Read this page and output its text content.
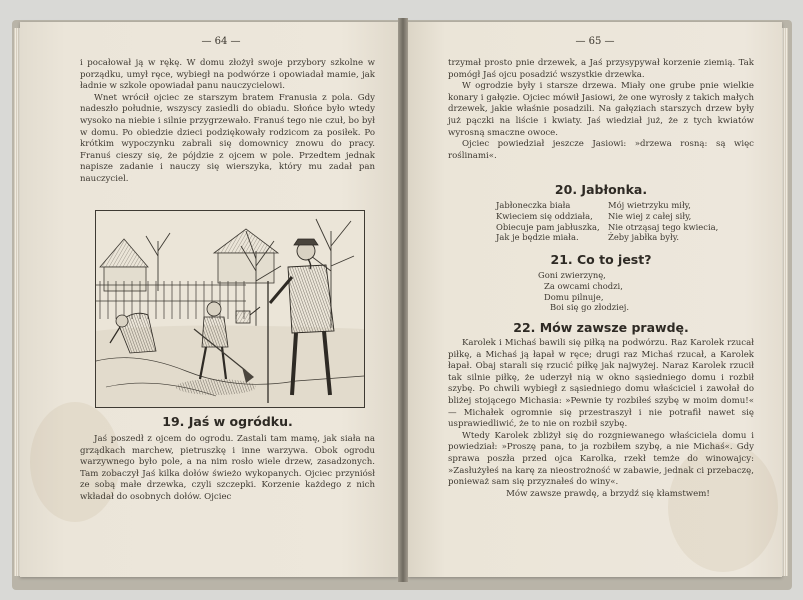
— 64 —

i pocałował ją w rękę. W domu złożył swoje przybory szkolne w porządku, umył ręce, wybiegł na podwórze i opowiadał mamie, jak ładnie w szkole opowiadał panu nauczycielowi.

Wnet wrócił ojciec ze starszym bratem Franusia z pola. Gdy nadeszło południe, wszyscy zasiedli do obiadu. Słońce było wtedy wysoko na niebie i silnie przygrzewało. Franuś tego nie czuł, bo był w domu. Po obiedzie dzieci podziękowały rodzicom za posiłek. Po krótkim wypoczynku zabrali się domownicy znowu do pracy. Franuś cieszy się, że pójdzie z ojcem w pole. Przedtem jednak napisze zadanie i nauczy się wierszyka, który mu zadał pan nauczyciel.

19. Jaś w ogródku.
Jaś poszedł z ojcem do ogrodu. Zastali tam mamę, jak siała na grządkach marchew, pietruszkę i inne warzywa. Obok ogrodu warzywnego było pole, a na nim rosło wiele drzew, zasadzonych. Tam zobaczył Jaś kilka dołów świeżo wykopanych. Ojciec przyniósł ze sobą małe drzewka, czyli szczepki. Korzenie każdego z nich wkładał do osobnych dołów. Ojciec
— 65 —

trzymał prosto pnie drzewek, a Jaś przysypywał korzenie ziemią. Tak pomógł Jaś ojcu posadzić wszystkie drzewka.

W ogrodzie były i starsze drzewa. Miały one grube pnie wielkie konary i gałęzie. Ojciec mówił Jasiowi, że one wyrosły z takich małych drzewek, jakie właśnie posadzili. Na gałęziach starszych drzew były już pączki na liście i kwiaty. Jaś wiedział już, że z tych kwiatów wyrosną smaczne owoce.

Ojciec powiedział jeszcze Jasiowi: »drzewa rosną: są więc roślinami«.

20. Jabłonka.
Jabłoneczka biała
Kwieciem się oddziała,
Obiecuje pam jabłuszka,
Jak je będzie miała.
Mój wietrzyku miły,
Nie wiej z całej siły,
Nie otrząsaj tego kwiecia,
Żeby jabłka były.
21. Co to jest?
Goni zwierzynę,
Za owcami chodzi,
Domu pilnuje,
Boi się go złodziej.
22. Mów zawsze prawdę.

Karolek i Michaś bawili się piłką na podwórzu. Raz Karolek rzucał piłkę, a Michaś ją łapał w ręce; drugi raz Michaś rzucał, a Karolek łapał. Obaj starali się rzucić piłkę jak najwyżej. Naraz Karolek rzucił tak silnie piłkę, że uderzył nią w okno sąsiedniego domu i rozbił szybę. Po chwili wybiegł z sąsiedniego domu właściciel i zawołał do bliżej stojącego Michasia: »Pewnie ty rozbiłeś szybę w moim domu!« — Michałek ogromnie się przestraszył i nie potrafił nawet się usprawiedliwić, że to nie on rozbił szybę.

Wtedy Karolek zbliżył się do rozgniewanego właściciela domu i powiedział: »Proszę pana, to ja rozbiłem szybę, a nie Michaś«. Gdy sprawa poszła przed ojca Karolka, rzekł temże do winowajcy: »Zasłużyłeś na karę za nieostrożność w zabawie, jednak ci przebaczę, ponieważ sam się przyznałeś do winy«.

Mów zawsze prawdę, a brzydź się kłamstwem!
